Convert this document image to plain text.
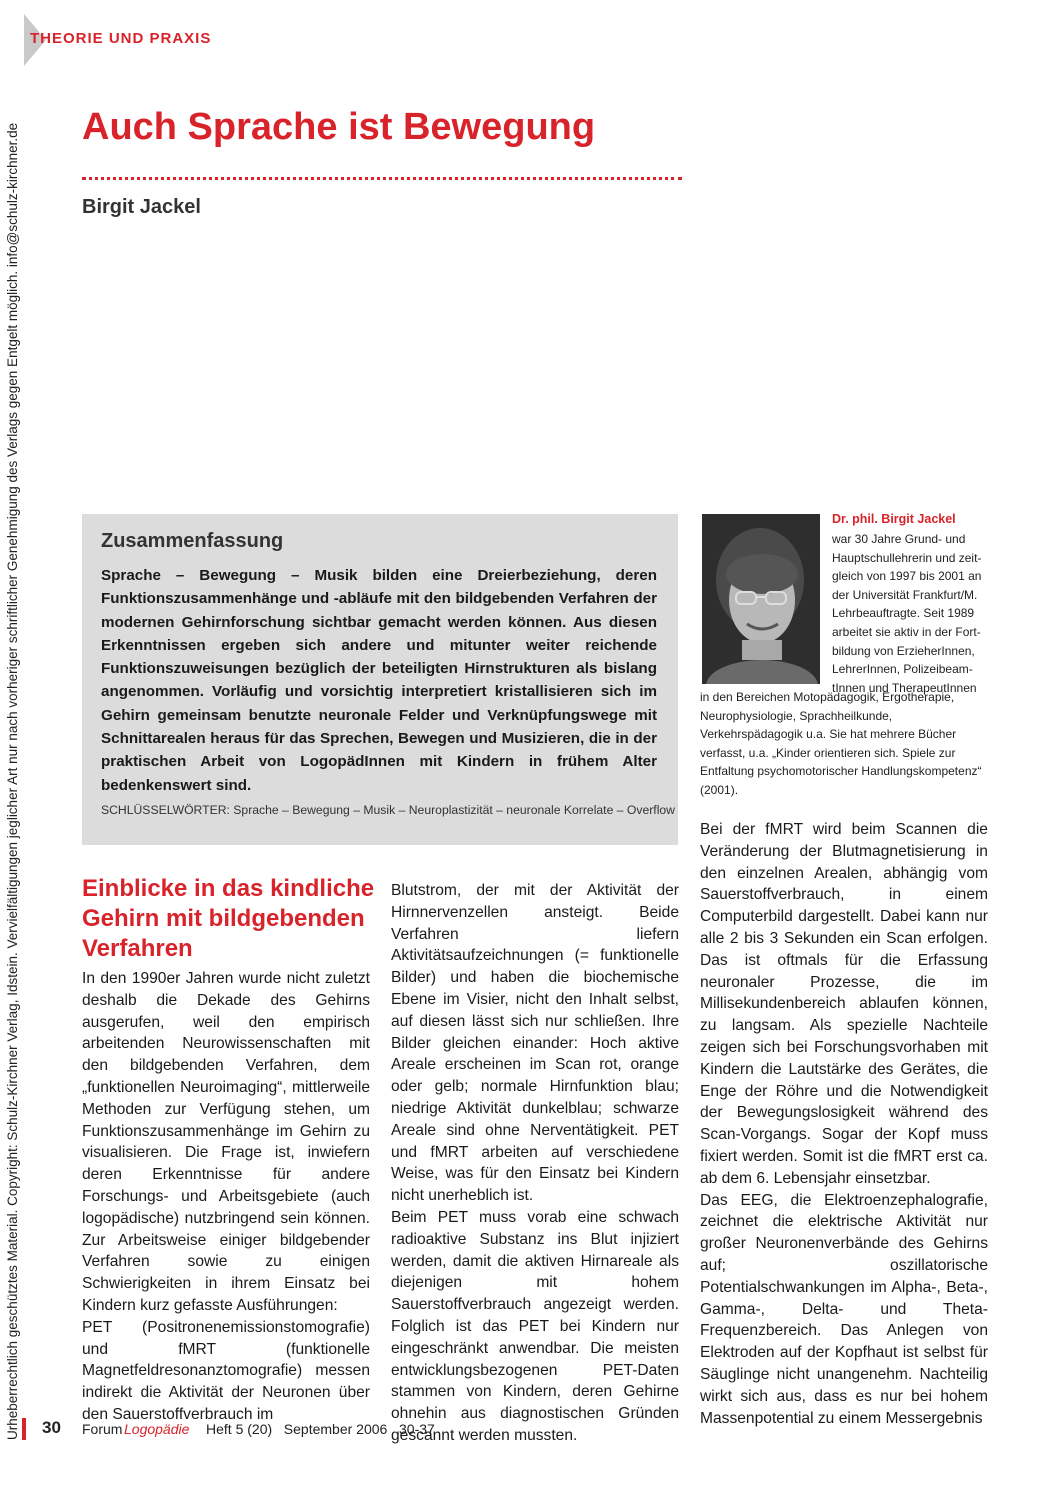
THEORIE UND PRAXIS
Urheberrechtlich geschütztes Material. Copyright: Schulz-Kirchner Verlag, Idstein. Vervielfältigungen jeglicher Art nur nach vorheriger schriftlicher Genehmigung des Verlags gegen Entgelt möglich. info@schulz-kirchner.de Auch Sprache ist Bewegung
Birgit Jackel
Zusammenfassung
Sprache – Bewegung – Musik bilden eine Dreierbeziehung, deren Funktionszusammenhänge und -abläufe mit den bildgebenden Verfahren der modernen Gehirnforschung sichtbar gemacht werden können. Aus diesen Erkenntnissen ergeben sich andere und mitunter weiter reichende Funktionszuweisungen bezüglich der beteiligten Hirnstrukturen als bislang angenommen. Vorläufig und vorsichtig interpretiert kristallisieren sich im Gehirn gemeinsam benutzte neuronale Felder und Verknüpfungswege mit Schnittarealen heraus für das Sprechen, Bewegen und Musizieren, die in der praktischen Arbeit von LogopädInnen mit Kindern in frühem Alter bedenkenswert sind.
SCHLÜSSELWÖRTER: Sprache – Bewegung – Musik – Neuroplastizität – neuronale Korrelate – Overflow
Dr. phil. Birgit Jackel
war 30 Jahre Grund- und
Hauptschullehrerin und zeit-
gleich von 1997 bis 2001 an
der Universität Frankfurt/M.
Lehrbeauftragte. Seit 1989
arbeitet sie aktiv in der Fort-
bildung von ErzieherInnen,
LehrerInnen, Polizeibeam-
tInnen und TherapeutInnen
in den Bereichen Motopädagogik, Ergotherapie, Neurophysiologie, Sprachheilkunde, Verkehrspädagogik u.a. Sie hat mehrere Bücher verfasst, u.a. „Kinder orientieren sich. Spiele zur Entfaltung psychomotorischer Handlungskompetenz“ (2001).
Einblicke in das kindliche Gehirn mit bildgebenden Verfahren

In den 1990er Jahren wurde nicht zuletzt deshalb die Dekade des Gehirns ausgerufen, weil den empirisch arbeitenden Neurowissenschaften mit den bildgebenden Verfahren, dem „funktionellen Neuroimaging“, mittlerweile Methoden zur Verfügung stehen, um Funktionszusammenhänge im Gehirn zu visualisieren. Die Frage ist, inwiefern deren Erkenntnisse für andere Forschungs- und Arbeitsgebiete (auch logopädische) nutzbringend sein können. Zur Arbeitsweise einiger bildgebender Verfahren sowie zu einigen Schwierigkeiten in ihrem Einsatz bei Kindern kurz gefasste Ausführungen:

PET (Positronenemissionstomografie) und fMRT (funktionelle Magnetfeldresonanztomografie) messen indirekt die Aktivität der Neuronen über den Sauerstoffverbrauch im

Blutstrom, der mit der Aktivität der Hirnnervenzellen ansteigt. Beide Verfahren liefern Aktivitätsaufzeichnungen (= funktionelle Bilder) und haben die biochemische Ebene im Visier, nicht den Inhalt selbst, auf diesen lässt sich nur schließen. Ihre Bilder gleichen einander: Hoch aktive Areale erscheinen im Scan rot, orange oder gelb; normale Hirnfunktion blau; niedrige Aktivität dunkelblau; schwarze Areale sind ohne Nerventätigkeit. PET und fMRT arbeiten auf verschiedene Weise, was für den Einsatz bei Kindern nicht unerheblich ist.

Beim PET muss vorab eine schwach radioaktive Substanz ins Blut injiziert werden, damit die aktiven Hirnareale als diejenigen mit hohem Sauerstoffverbrauch angezeigt werden. Folglich ist das PET bei Kindern nur eingeschränkt anwendbar. Die meisten entwicklungsbezogenen PET-Daten stammen von Kindern, deren Gehirne ohnehin aus diagnostischen Gründen gescannt werden mussten.

Bei der fMRT wird beim Scannen die Veränderung der Blutmagnetisierung in den einzelnen Arealen, abhängig vom Sauerstoffverbrauch, in einem Computerbild dargestellt. Dabei kann nur alle 2 bis 3 Sekunden ein Scan erfolgen. Das ist oftmals für die Erfassung neuronaler Prozesse, die im Millisekundenbereich ablaufen können, zu langsam. Als spezielle Nachteile zeigen sich bei Forschungsvorhaben mit Kindern die Lautstärke des Gerätes, die Enge der Röhre und die Notwendigkeit der Bewegungslosigkeit während des Scan-Vorgangs. Sogar der Kopf muss fixiert werden. Somit ist die fMRT erst ca. ab dem 6. Lebensjahr einsetzbar.

Das EEG, die Elektroenzephalografie, zeichnet die elektrische Aktivität nur großer Neuronenverbände des Gehirns auf; oszillatorische Potentialschwankungen im Alpha-, Beta-, Gamma-, Delta- und Theta-Frequenzbereich. Das Anlegen von Elektroden auf der Kopfhaut ist selbst für Säuglinge nicht unangenehm. Nachteilig wirkt sich aus, dass es nur bei hohem Massenpotential zu einem Messergebnis

30 Forum Logopädie Heft 5 (20)   September 2006   30-37
